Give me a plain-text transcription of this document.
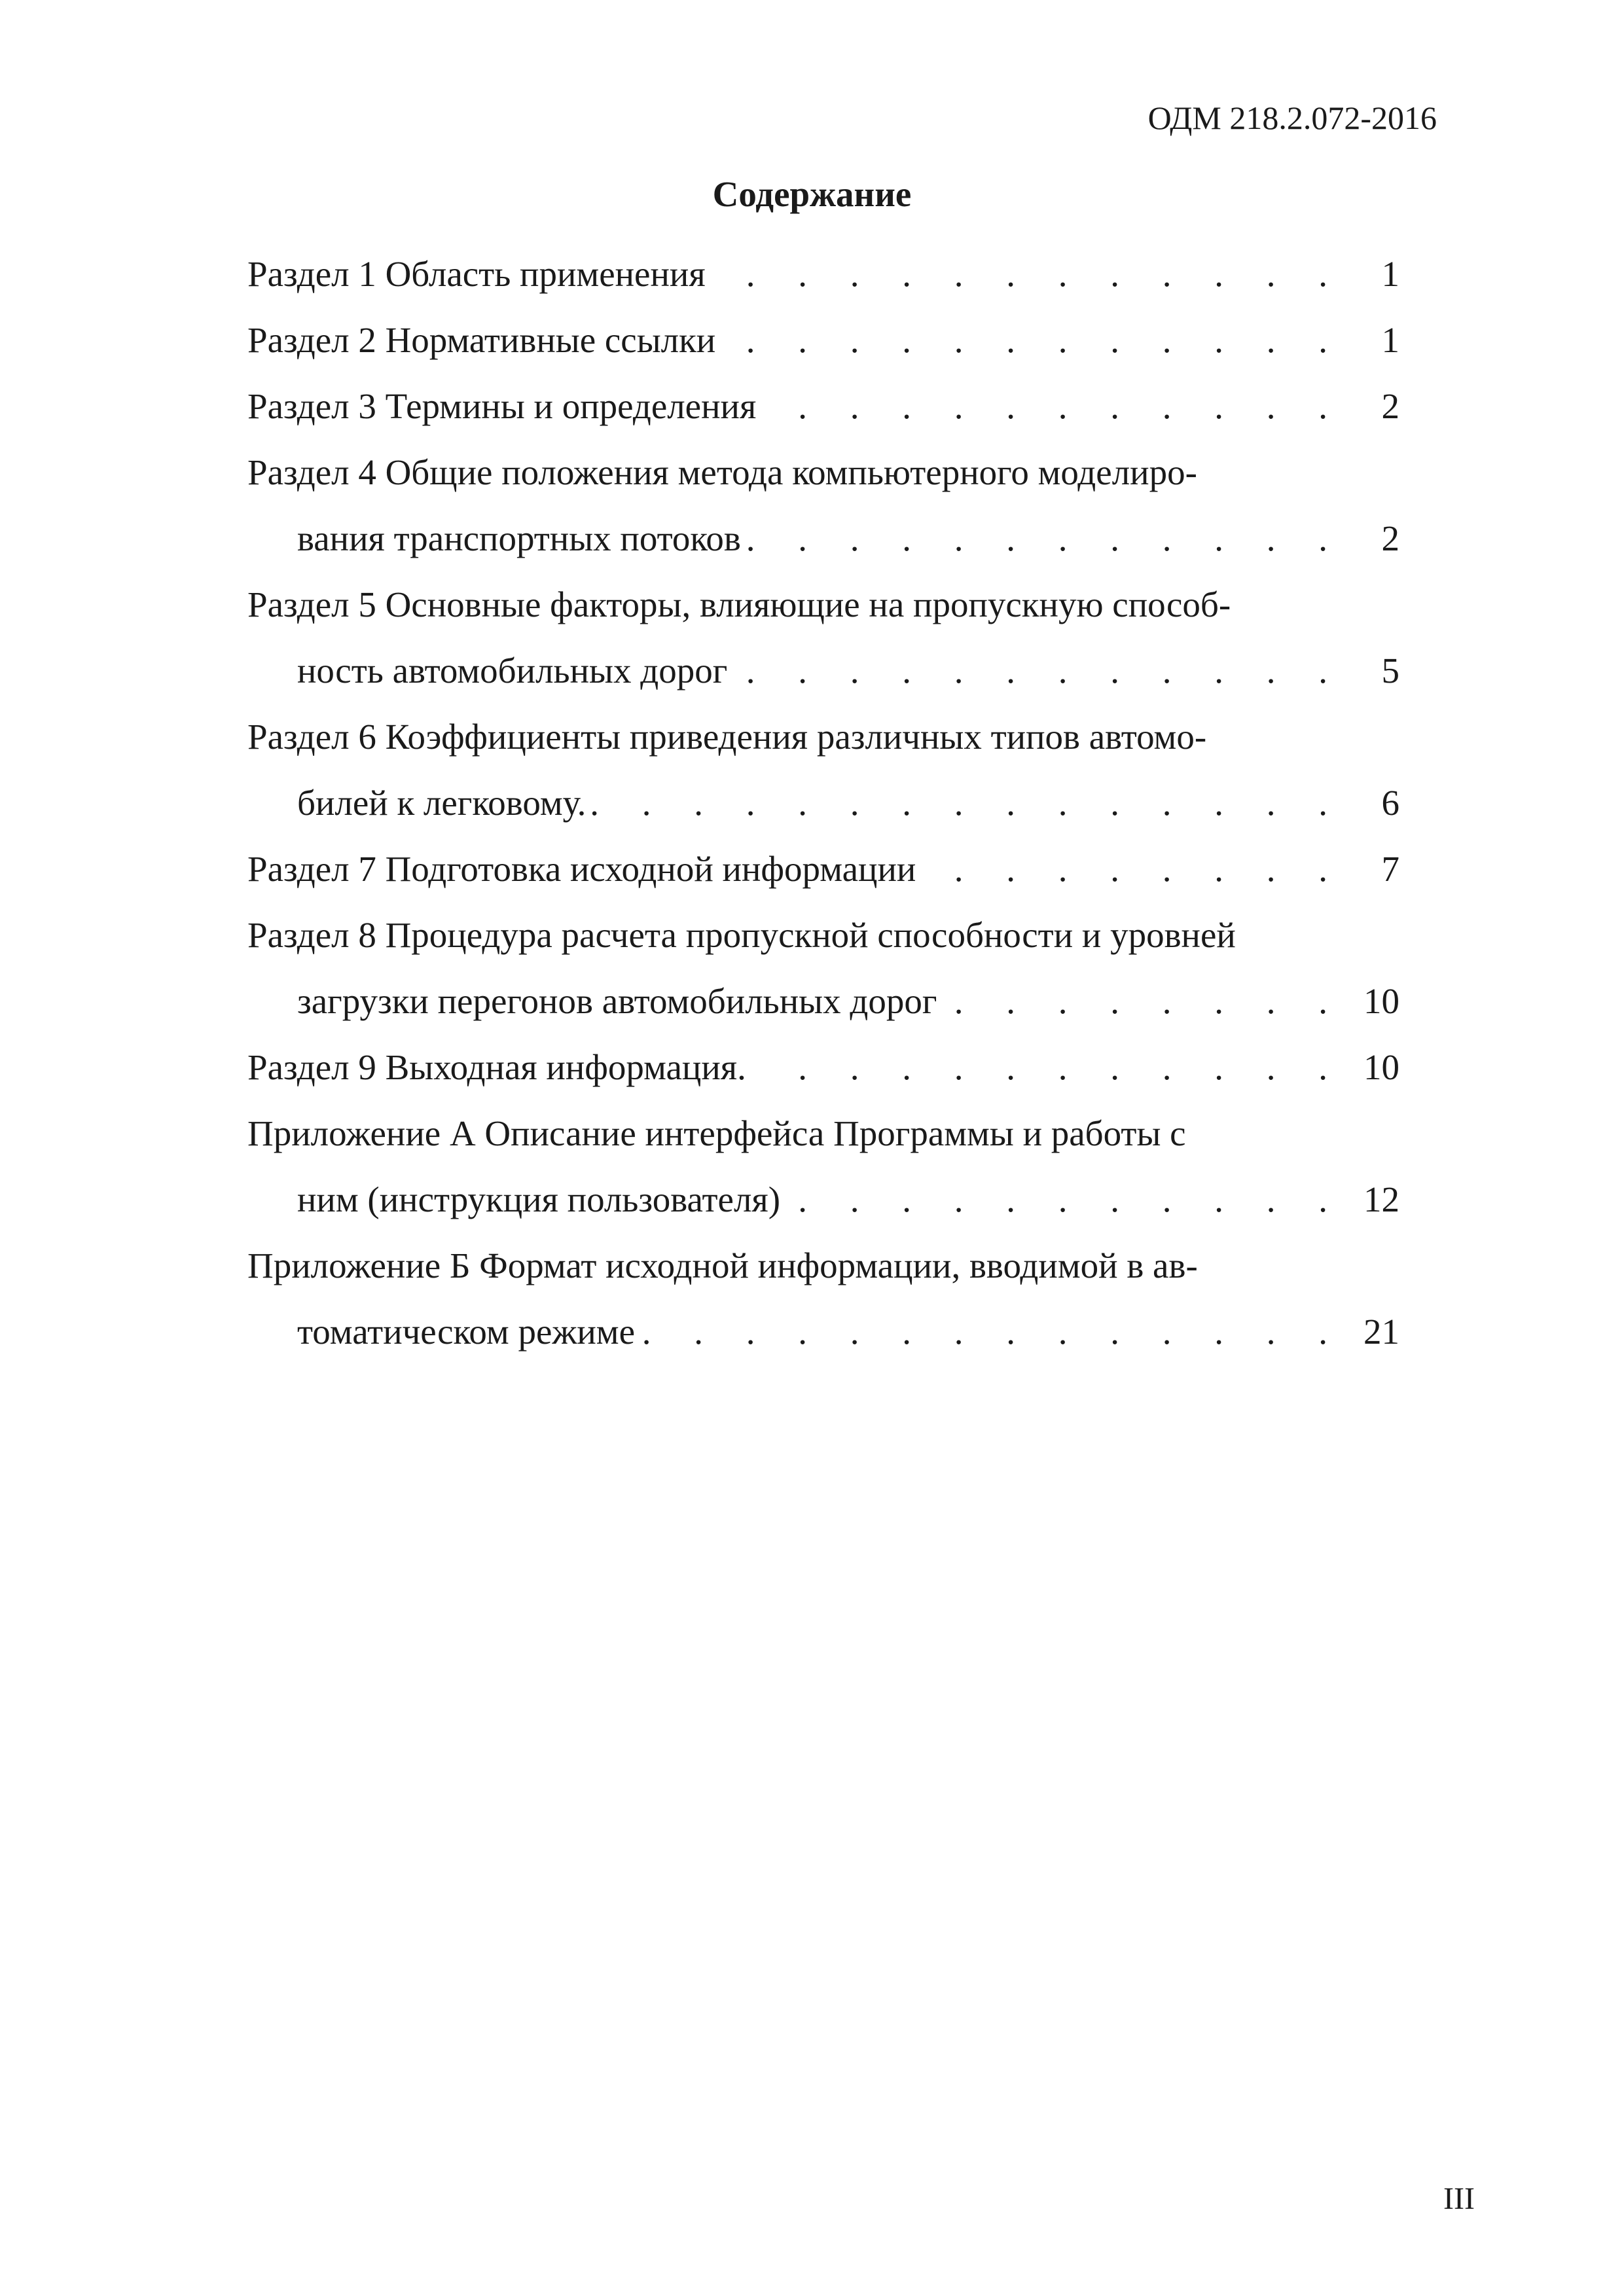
ОДМ 218.2.072-2016
Содержание
Раздел 1 Область применения . . .	1
Раздел 2 Нормативные ссылки . . .	1
Раздел 3 Термины и определения . . .	2
Раздел 4 Общие положения метода компьютерного моделиро-
вания транспортных потоков . . .	2
Раздел 5 Основные факторы, влияющие на пропускную способ-
ность автомобильных дорог . . .	5
Раздел 6 Коэффициенты приведения различных типов автомо-
билей к легковому. . . .	6
Раздел 7 Подготовка исходной информации . . .	7
Раздел 8 Процедура расчета пропускной способности и уровней
загрузки перегонов автомобильных дорог . . .	10
Раздел 9 Выходная информация. . . .	10
Приложение А Описание интерфейса Программы и работы с
ним (инструкция пользователя) . . .	12
Приложение Б Формат исходной информации, вводимой в ав-
томатическом режиме . . .	21
III
